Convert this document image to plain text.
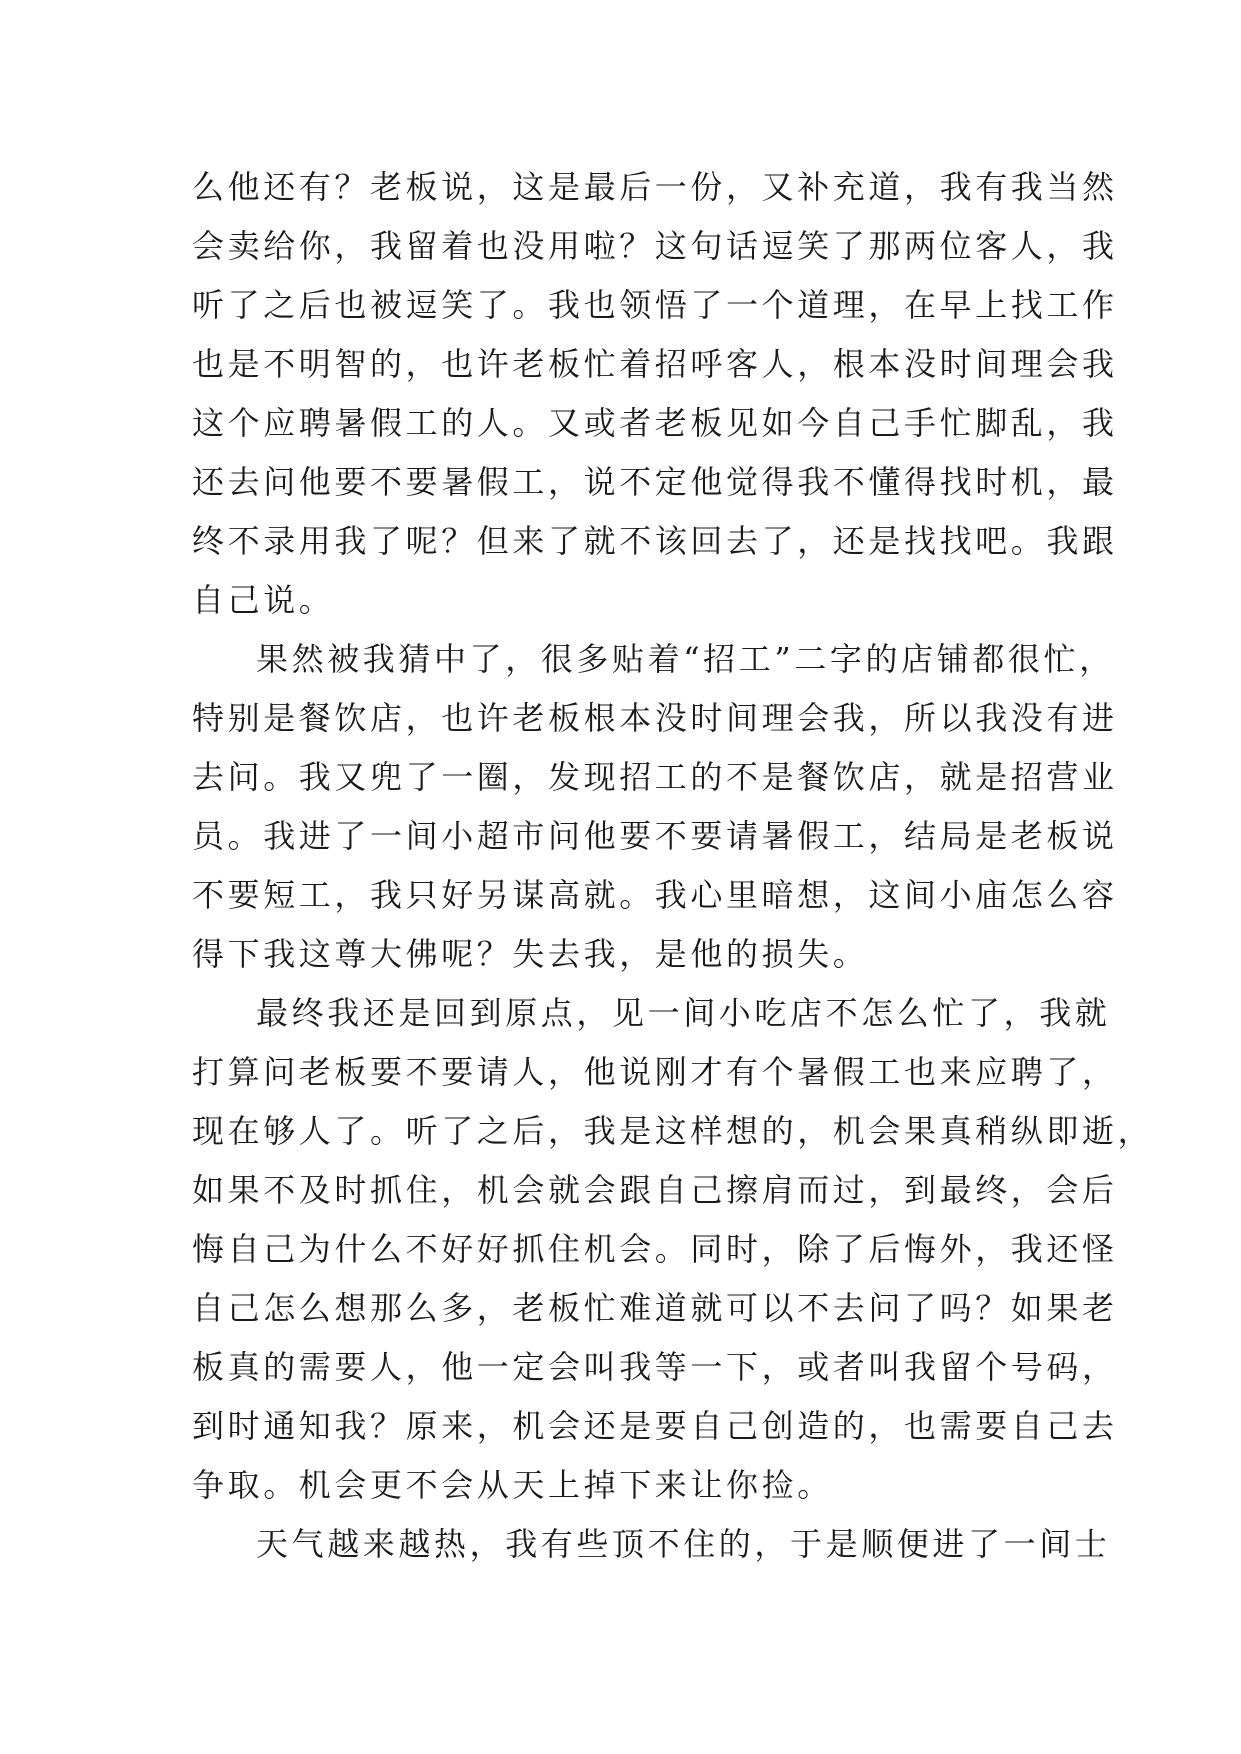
么他还有？老板说，这是最后一份，又补充道，我有我当然
会卖给你，我留着也没用啦？这句话逗笑了那两位客人，我
听了之后也被逗笑了。我也领悟了一个道理，在早上找工作
也是不明智的，也许老板忙着招呼客人，根本没时间理会我
这个应聘暑假工的人。又或者老板见如今自己手忙脚乱，我
还去问他要不要暑假工，说不定他觉得我不懂得找时机，最
终不录用我了呢？但来了就不该回去了，还是找找吧。我跟
自己说。
果然被我猜中了，很多贴着“招工”二字的店铺都很忙，
特别是餐饮店，也许老板根本没时间理会我，所以我没有进
去问。我又兜了一圈，发现招工的不是餐饮店，就是招营业
员。我进了一间小超市问他要不要请暑假工，结局是老板说
不要短工，我只好另谋高就。我心里暗想，这间小庙怎么容
得下我这尊大佛呢？失去我，是他的损失。
最终我还是回到原点，见一间小吃店不怎么忙了，我就
打算问老板要不要请人，他说刚才有个暑假工也来应聘了，
现在够人了。听了之后，我是这样想的，机会果真稍纵即逝，
如果不及时抓住，机会就会跟自己擦肩而过，到最终，会后
悔自己为什么不好好抓住机会。同时，除了后悔外，我还怪
自己怎么想那么多，老板忙难道就可以不去问了吗？如果老
板真的需要人，他一定会叫我等一下，或者叫我留个号码，
到时通知我？原来，机会还是要自己创造的，也需要自己去
争取。机会更不会从天上掉下来让你捡。
天气越来越热，我有些顶不住的，于是顺便进了一间士
